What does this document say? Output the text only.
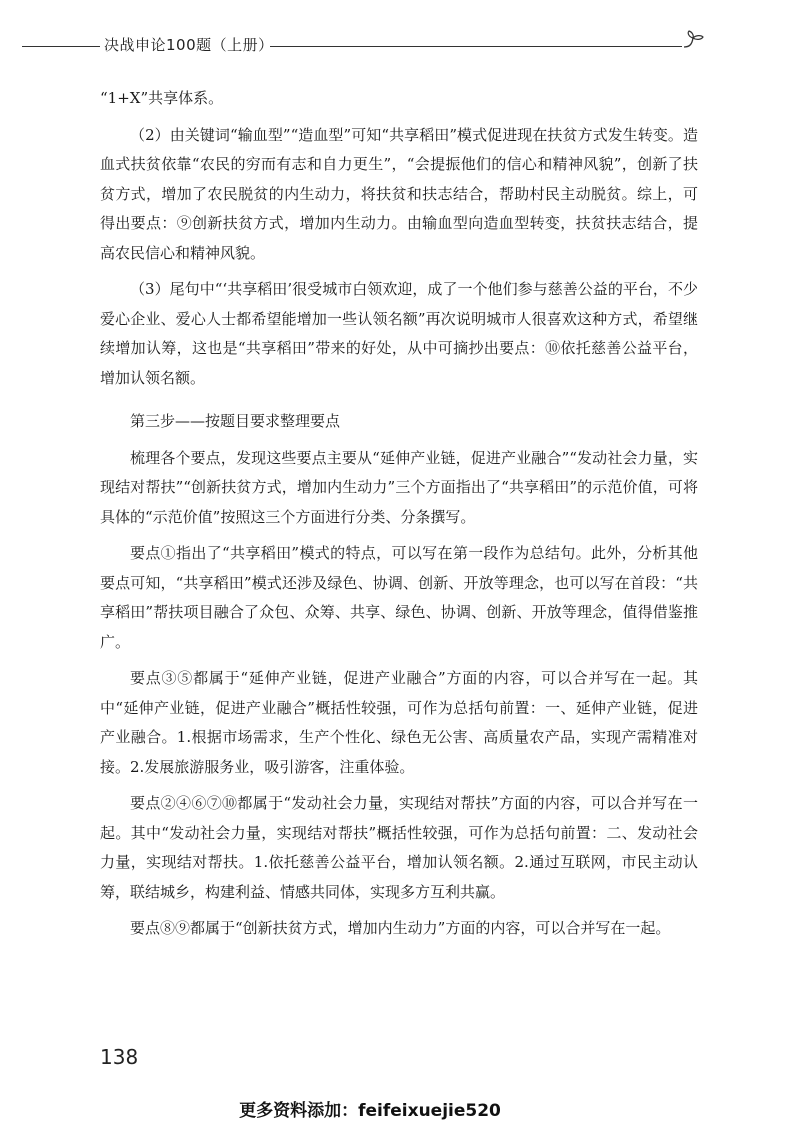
决战申论100题（上册）

“1+X”共享体系。

（2）由关键词“输血型”“造血型”可知“共享稻田”模式促进现在扶贫方式发生转变。造血式扶贫依靠“农民的穷而有志和自力更生”，“会提振他们的信心和精神风貌”，创新了扶贫方式，增加了农民脱贫的内生动力，将扶贫和扶志结合，帮助村民主动脱贫。综上，可得出要点：⑨创新扶贫方式，增加内生动力。由输血型向造血型转变，扶贫扶志结合，提高农民信心和精神风貌。

（3）尾句中“‘共享稻田’很受城市白领欢迎，成了一个他们参与慈善公益的平台，不少爱心企业、爱心人士都希望能增加一些认领名额”再次说明城市人很喜欢这种方式，希望继续增加认筹，这也是“共享稻田”带来的好处，从中可摘抄出要点：⑩依托慈善公益平台，增加认领名额。

第三步——按题目要求整理要点

梳理各个要点，发现这些要点主要从“延伸产业链，促进产业融合”“发动社会力量，实现结对帮扶”“创新扶贫方式，增加内生动力”三个方面指出了“共享稻田”的示范价值，可将具体的“示范价值”按照这三个方面进行分类、分条撰写。

要点①指出了“共享稻田”模式的特点，可以写在第一段作为总结句。此外，分析其他要点可知，“共享稻田”模式还涉及绿色、协调、创新、开放等理念，也可以写在首段：“共享稻田”帮扶项目融合了众包、众筹、共享、绿色、协调、创新、开放等理念，值得借鉴推广。

要点③⑤都属于“延伸产业链，促进产业融合”方面的内容，可以合并写在一起。其中“延伸产业链，促进产业融合”概括性较强，可作为总括句前置：一、延伸产业链，促进产业融合。1.根据市场需求，生产个性化、绿色无公害、高质量农产品，实现产需精准对接。2.发展旅游服务业，吸引游客，注重体验。

要点②④⑥⑦⑩都属于“发动社会力量，实现结对帮扶”方面的内容，可以合并写在一起。其中“发动社会力量，实现结对帮扶”概括性较强，可作为总括句前置：二、发动社会力量，实现结对帮扶。1.依托慈善公益平台，增加认领名额。2.通过互联网，市民主动认筹，联结城乡，构建利益、情感共同体，实现多方互利共赢。

要点⑧⑨都属于“创新扶贫方式，增加内生动力”方面的内容，可以合并写在一起。

138
更多资料添加：feifeixuejie520
